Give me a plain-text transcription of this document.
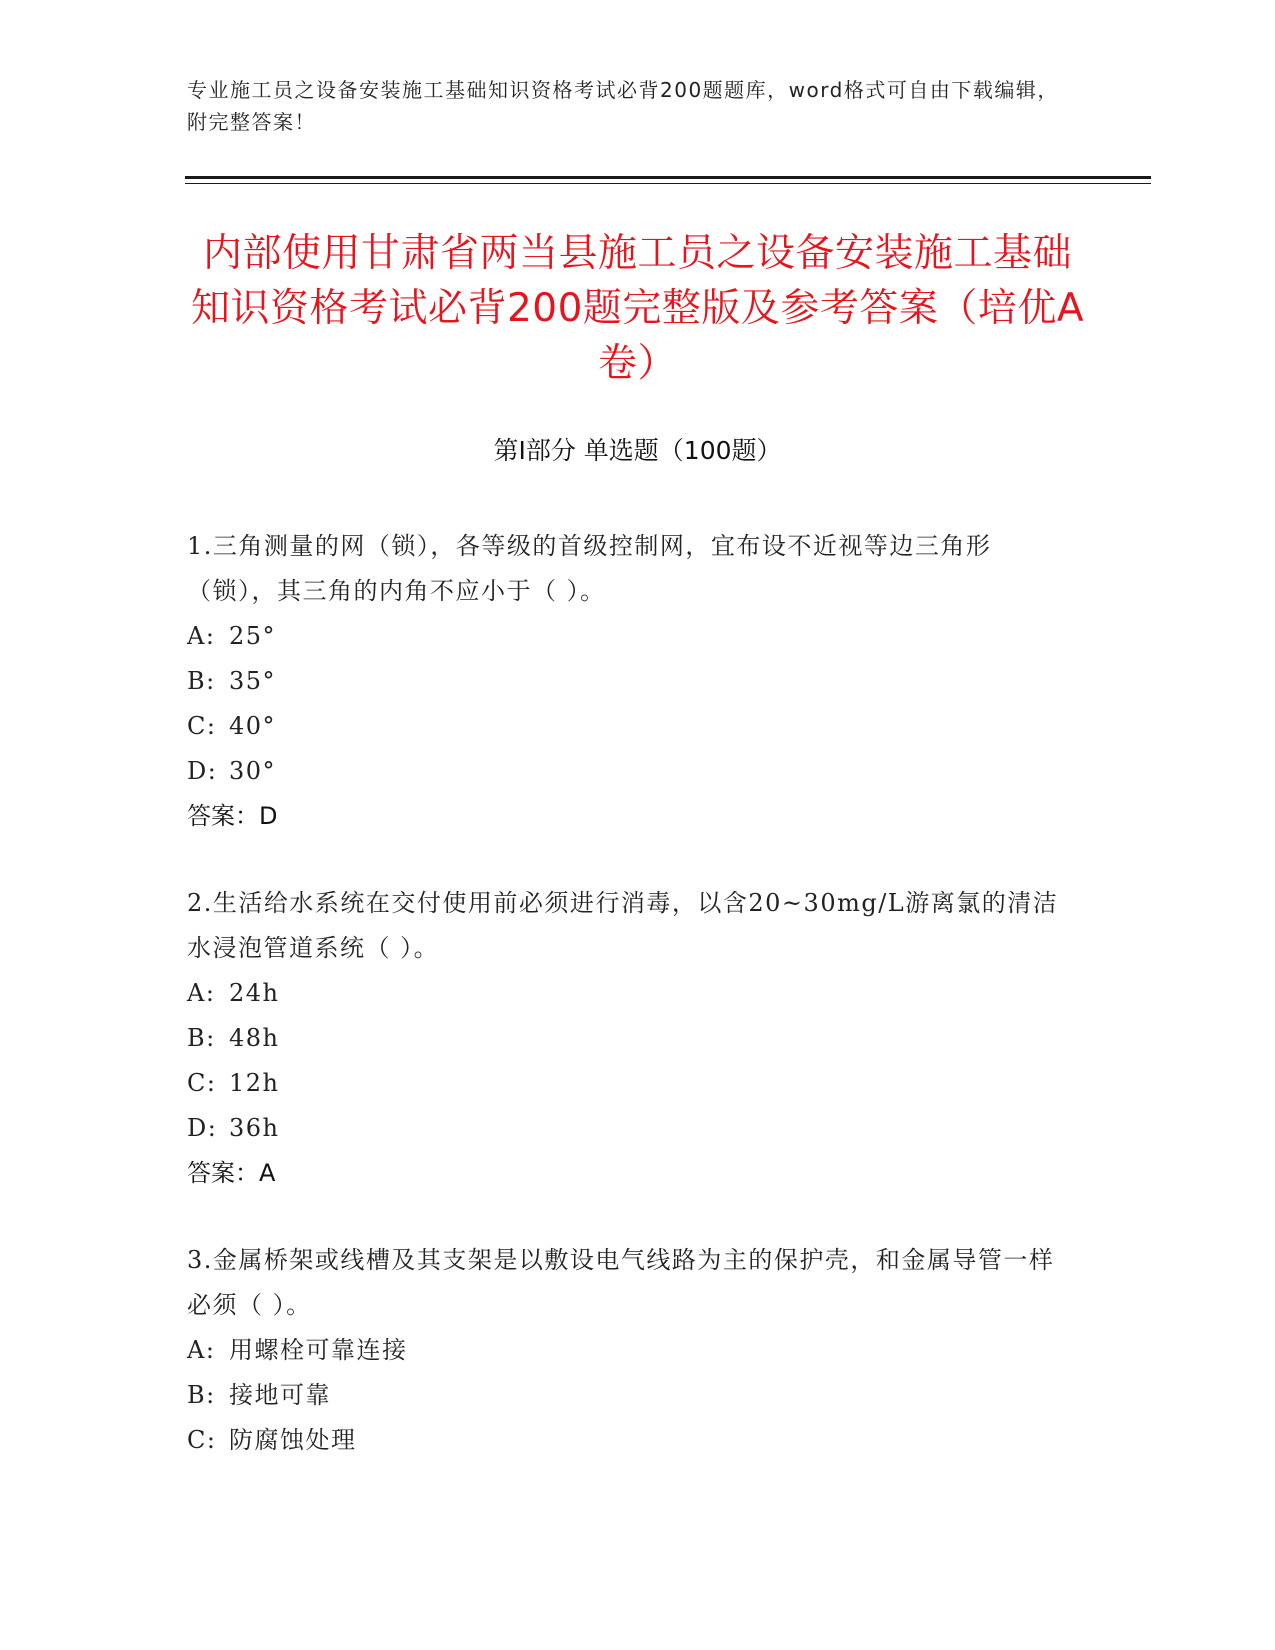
专业施工员之设备安装施工基础知识资格考试必背200题题库，word格式可自由下载编辑，附完整答案！
内部使用甘肃省两当县施工员之设备安装施工基础知识资格考试必背200题完整版及参考答案（培优A卷）
第Ⅰ部分 单选题（100题）

1.三角测量的网（锁），各等级的首级控制网，宜布设不近视等边三角形（锁），其三角的内角不应小于（ ）。

A: 25°

B: 35°

C: 40°

D: 30°

答案：D

2.生活给水系统在交付使用前必须进行消毒，以含20~30mg/L游离氯的清洁水浸泡管道系统（ ）。

A: 24h

B: 48h

C: 12h

D: 36h

答案：A

3.金属桥架或线槽及其支架是以敷设电气线路为主的保护壳，和金属导管一样必须（ ）。

A: 用螺栓可靠连接

B: 接地可靠

C: 防腐蚀处理
